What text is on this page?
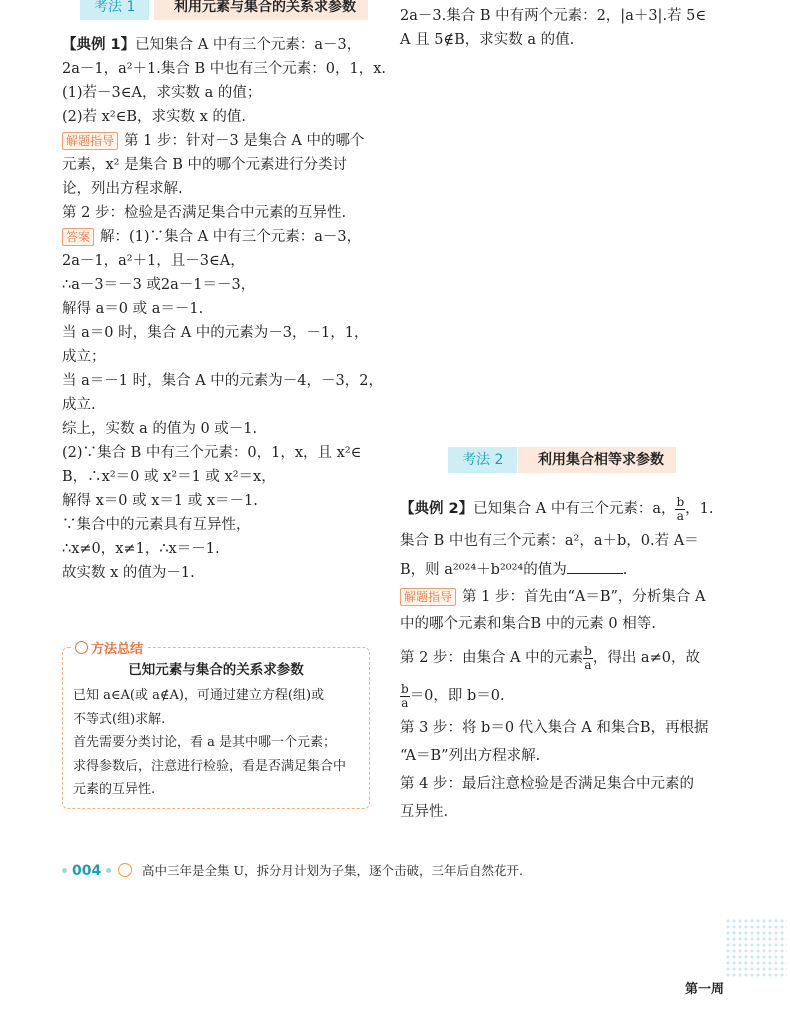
考法 1	利用元素与集合的关系求参数
【典例 1】已知集合 A 中有三个元素：a－3，
2a－1，a²＋1.集合 B 中也有三个元素：0，1，x.
(1)若－3∈A，求实数 a 的值；
(2)若 x²∈B，求实数 x 的值.
解题指导 第 1 步：针对－3 是集合 A 中的哪个
元素，x² 是集合 B 中的哪个元素进行分类讨
论，列出方程求解.
第 2 步：检验是否满足集合中元素的互异性.
答案 解：(1)∵集合 A 中有三个元素：a－3，
2a－1，a²＋1，且－3∈A，
∴a－3＝－3 或2a－1＝－3，
解得 a＝0 或 a＝－1.
当 a＝0 时，集合 A 中的元素为－3，－1，1，
成立；
当 a＝－1 时，集合 A 中的元素为－4，－3，2，
成立.
综上，实数 a 的值为 0 或－1.
(2)∵集合 B 中有三个元素：0，1，x，且 x²∈
B，∴x²＝0 或 x²＝1 或 x²＝x，
解得 x＝0 或 x＝1 或 x＝－1.
∵集合中的元素具有互异性，
∴x≠0，x≠1，∴x＝－1.
故实数 x 的值为－1.
方法总结
已知元素与集合的关系求参数
已知 a∈A(或 a∉A)，可通过建立方程(组)或
不等式(组)求解.
首先需要分类讨论，看 a 是其中哪一个元素；
求得参数后，注意进行检验，看是否满足集合中
元素的互异性.
2a－3.集合 B 中有两个元素：2，|a＋3|.若 5∈
A 且 5∉B，求实数 a 的值.
考法 2	利用集合相等求参数
【典例 2】已知集合 A 中有三个元素：a， $\frac{b}{a}$ ，1.
集合 B 中也有三个元素：a²，a＋b，0.若 A＝
B，则 a²⁰²⁴＋b²⁰²⁴的值为	.
解题指导 第 1 步：首先由“A＝B”，分析集合 A
中的哪个元素和集合B 中的元素 0 相等.
第 2 步：由集合 A 中的元素 $\frac{b}{a}$ ，得出 a≠0，故
$\frac{b}{a} =0$，即 b＝0.
第 3 步：将 b＝0 代入集合 A 和集合B，再根据
“A＝B”列出方程求解.
第 4 步：最后注意检验是否满足集合中元素的
互异性.
004	高中三年是全集 U，拆分月计划为子集，逐个击破，三年后自然花开.
第一周
